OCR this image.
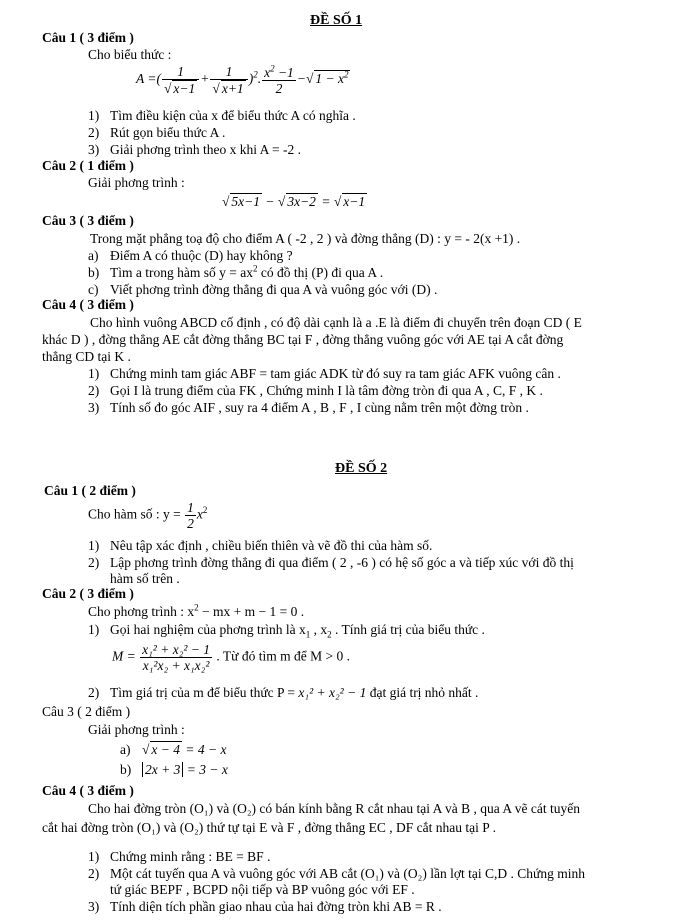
ĐỀ SỐ 1
Câu 1 ( 3 điểm )
Cho biểu thức :
A =( $\frac{1}{√ x-1} + \frac{1}{√ x+1} )^2$. $\frac{x^2 -1}{2}$ −√ $1 - x^2$
1) Tìm điều kiện của x để biểu thức A có nghĩa .
2) Rút gọn biểu thức A .
3) Giải phơng trình theo x khi A = -2 .
Câu 2 ( 1 điểm )
Giải phơng trình :
√ 5x−1 − √ 3x−2 = √ x−1
Câu 3 ( 3 điểm )
Trong mặt phẳng toạ độ cho điểm A ( -2 , 2 ) và đờng thẳng (D) : y = - 2(x +1) .
a) Điểm A có thuộc (D) hay không ?
b) Tìm a trong hàm số $y = ax^2$ có đồ thị (P) đi qua A .
c) Viết phơng trình đờng thẳng đi qua A và vuông góc với (D) .
Câu 4 ( 3 điểm )
Cho hình vuông ABCD cố định , có độ dài cạnh là a .E là điểm đi chuyển trên đoạn CD ( E
khác D ) , đờng thẳng AE cắt đờng thẳng BC tại F , đờng thẳng vuông góc với AE tại A cắt đờng
thẳng CD tại K .
1) Chứng minh tam giác ABF = tam giác ADK từ đó suy ra tam giác AFK vuông cân .
2) Gọi I là trung điểm của FK , Chứng minh I là tâm đờng tròn đi qua A , C, F , K .
3) Tính số đo góc AIF , suy ra 4 điểm A , B , F , I cùng nằm trên một đờng tròn .
ĐỀ SỐ 2
Câu 1 ( 2 điểm )
Cho hàm số : $y = \frac{1}{2} x^2$
1) Nêu tập xác định , chiều biến thiên và vẽ đồ thi của hàm số.
2) Lập phơng trình đờng thẳng đi qua điểm ( 2 , -6 ) có hệ số góc a và tiếp xúc với đồ thị
hàm số trên .
Câu 2 ( 3 điểm )
Cho phơng trình : $x^2$ − mx + m − 1 = 0 .
1) Gọi hai nghiệm của phơng trình là $x_1$ , $x_2$ . Tính giá trị của biểu thức .
$M = \frac{\text{x₁² + x₂² − 1}}{\text{x₁²x₂ + x₁x₂²}}$ . Từ đó tìm m để M > 0 .
2) Tìm giá trị của m để biểu thức P = x₁² + x₂² − 1 đạt giá trị nhỏ nhất .
Câu 3 ( 2 điểm )
Giải phơng trình :
a) √ x − 4 = 4 − x
b) 2x + 3 = 3 − x
Câu 4 ( 3 điểm )
Cho hai đờng tròn (O₁) và (O₂) có bán kính bằng R cắt nhau tại A và B , qua A vẽ cát tuyến
cắt hai đờng tròn (O₁) và (O₂) thứ tự tại E và F , đờng thẳng EC , DF cắt nhau tại P .
1) Chứng minh rằng : BE = BF .
2) Một cát tuyến qua A và vuông góc với AB cắt (O₁) và (O₂) lần lợt tại C,D . Chứng minh
tứ giác BEPF , BCPD nội tiếp và BP vuông góc với EF .
3) Tính diện tích phần giao nhau của hai đờng tròn khi AB = R .
